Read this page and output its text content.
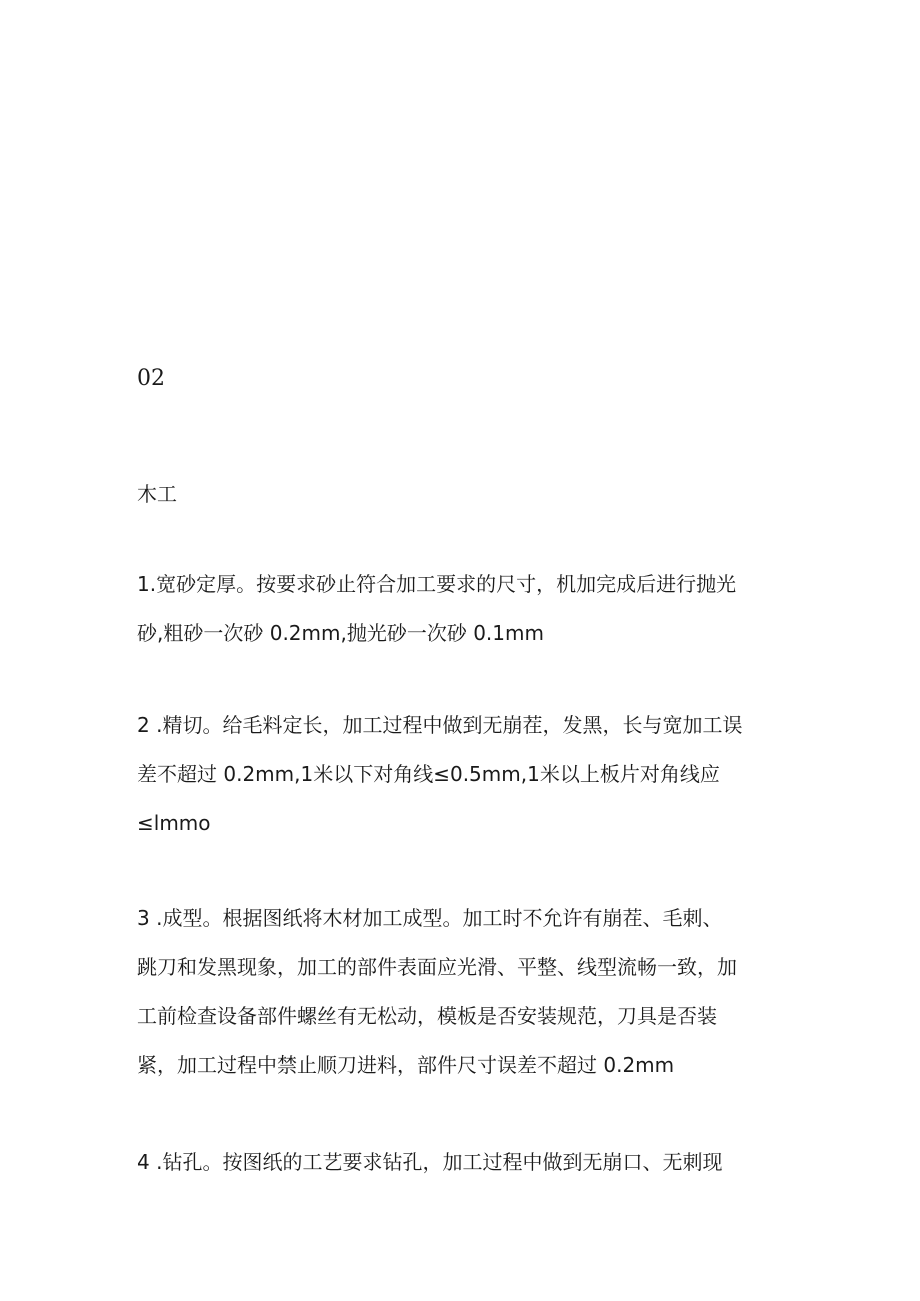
02
木工

1.宽砂定厚。按要求砂止符合加工要求的尺寸，机加完成后进行抛光
砂,粗砂一次砂 0.2mm,抛光砂一次砂 0.1mm

2 .精切。给毛料定长，加工过程中做到无崩茬，发黑，长与宽加工误
差不超过 0.2mm,1米以下对角线≤0.5mm,1米以上板片对角线应
≤lmmo

3 .成型。根据图纸将木材加工成型。加工时不允许有崩茬、毛刺、
跳刀和发黑现象，加工的部件表面应光滑、平整、线型流畅一致，加
工前检查设备部件螺丝有无松动，模板是否安装规范，刀具是否装
紧，加工过程中禁止顺刀进料，部件尺寸误差不超过 0.2mm

4 .钻孔。按图纸的工艺要求钻孔，加工过程中做到无崩口、无刺现
